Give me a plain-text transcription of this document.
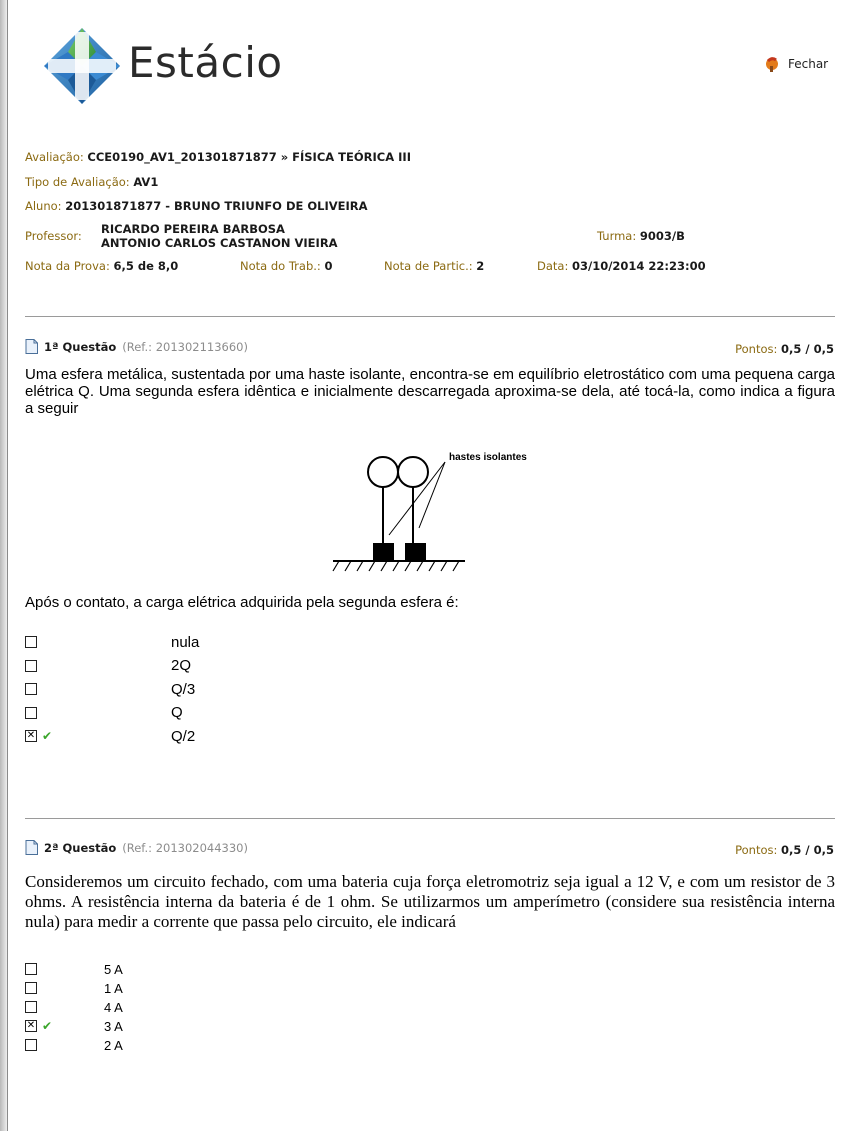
Estácio	Fechar
Avaliação: CCE0190_AV1_201301871877 » FÍSICA TEÓRICA III
Tipo de Avaliação: AV1
Aluno: 201301871877 - BRUNO TRIUNFO DE OLIVEIRA
Professor: RICARDO PEREIRA BARBOSA
ANTONIO CARLOS CASTANON VIEIRA	Turma: 9003/B
Nota da Prova: 6,5 de 8,0	Nota do Trab.: 0	Nota de Partic.: 2	Data: 03/10/2014 22:23:00
1ª Questão (Ref.: 201302113660)	Pontos: 0,5 / 0,5
Uma esfera metálica, sustentada por uma haste isolante, encontra-se em equilíbrio eletrostático com uma pequena carga elétrica Q. Uma segunda esfera idêntica e inicialmente descarregada aproxima-se dela, até tocá-la, como indica a figura a seguir
hastes isolantes
Após o contato, a carga elétrica adquirida pela segunda esfera é:
nula
2Q
Q/3
Q
✕ ✔	Q/2
2ª Questão (Ref.: 201302044330)	Pontos: 0,5 / 0,5
Consideremos um circuito fechado, com uma bateria cuja força eletromotriz seja igual a 12 V, e com um resistor de 3 ohms. A resistência interna da bateria é de 1 ohm. Se utilizarmos um amperímetro (considere sua resistência interna nula) para medir a corrente que passa pelo circuito, ele indicará
5 A
1 A
4 A
✕ ✔	3 A
2 A
